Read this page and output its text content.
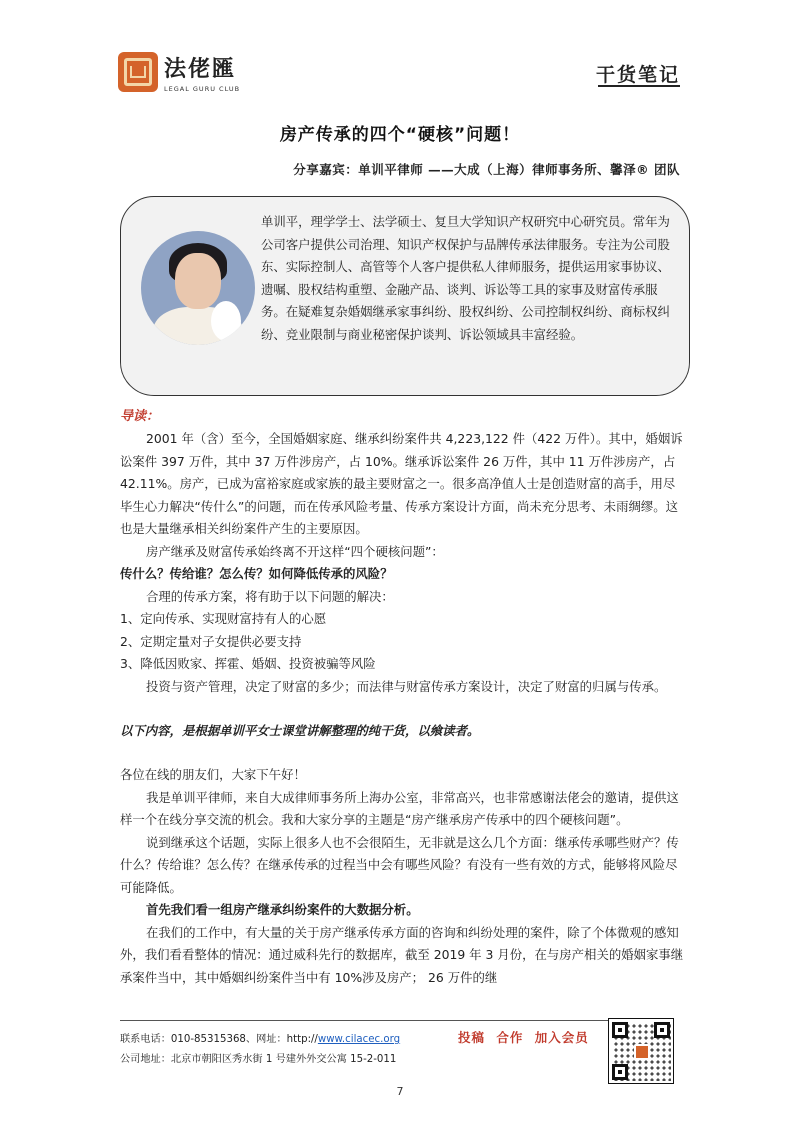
法佬匯
LEGAL GURU CLUB
干货笔记
房产传承的四个“硬核”问题！
分享嘉宾：单训平律师 ——大成（上海）律师事务所、馨泽® 团队
单训平，理学学士、法学硕士、复旦大学知识产权研究中心研究员。常年为公司客户提供公司治理、知识产权保护与品牌传承法律服务。专注为公司股东、实际控制人、高管等个人客户提供私人律师服务，提供运用家事协议、遗嘱、股权结构重塑、金融产品、谈判、诉讼等工具的家事及财富传承服务。在疑难复杂婚姻继承家事纠纷、股权纠纷、公司控制权纠纷、商标权纠纷、竞业限制与商业秘密保护谈判、诉讼领域具丰富经验。
导读：
2001 年（含）至今，全国婚姻家庭、继承纠纷案件共 4,223,122 件（422 万件）。其中，婚姻诉讼案件 397 万件，其中 37 万件涉房产，占 10%。继承诉讼案件 26 万件，其中 11 万件涉房产，占 42.11%。房产，已成为富裕家庭或家族的最主要财富之一。很多高净值人士是创造财富的高手，用尽毕生心力解决“传什么”的问题，而在传承风险考量、传承方案设计方面，尚未充分思考、未雨绸缪。这也是大量继承相关纠纷案件产生的主要原因。
房产继承及财富传承始终离不开这样“四个硬核问题”：
传什么？传给谁？怎么传？如何降低传承的风险？
合理的传承方案，将有助于以下问题的解决：
1、定向传承、实现财富持有人的心愿
2、定期定量对子女提供必要支持
3、降低因败家、挥霍、婚姻、投资被骗等风险
投资与资产管理，决定了财富的多少；而法律与财富传承方案设计，决定了财富的归属与传承。
以下内容，是根据单训平女士课堂讲解整理的纯干货，以飨读者。
各位在线的朋友们，大家下午好！
我是单训平律师，来自大成律师事务所上海办公室，非常高兴，也非常感谢法佬会的邀请，提供这样一个在线分享交流的机会。我和大家分享的主题是“房产继承房产传承中的四个硬核问题”。
说到继承这个话题，实际上很多人也不会很陌生，无非就是这么几个方面：继承传承哪些财产？传什么？传给谁？怎么传？在继承传承的过程当中会有哪些风险？有没有一些有效的方式，能够将风险尽可能降低。
首先我们看一组房产继承纠纷案件的大数据分析。
在我们的工作中，有大量的关于房产继承传承方面的咨询和纠纷处理的案件，除了个体微观的感知外，我们看看整体的情况：通过威科先行的数据库，截至 2019 年 3 月份，在与房产相关的婚姻家事继承案件当中，其中婚姻纠纷案件当中有 10%涉及房产； 26 万件的继
联系电话：010-85315368、网址：http://www.cilacec.org
公司地址：北京市朝阳区秀水街 1 号建外外交公寓 15-2-011
投稿 合作 加入会员
7
